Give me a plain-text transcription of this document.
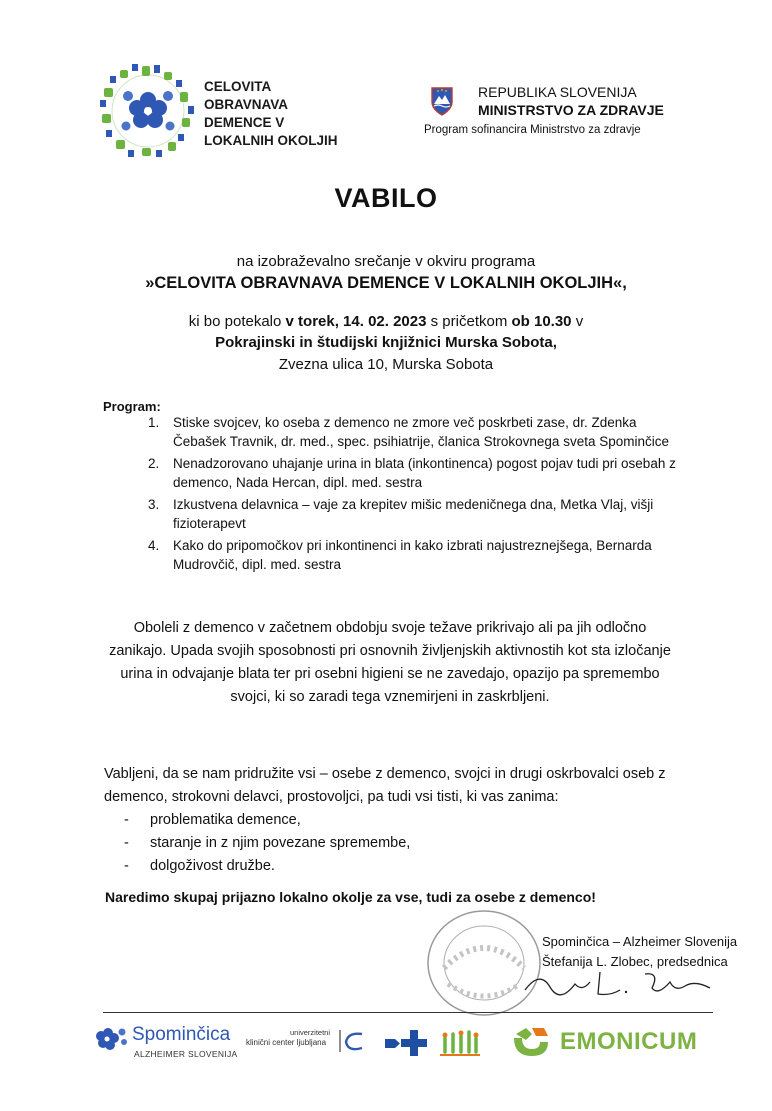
CELOVITA
OBRAVNAVA
DEMENCE V
LOKALNIH OKOLJIH
REPUBLIKA SLOVENIJA
MINISTRSTVO ZA ZDRAVJE
Program sofinancira Ministrstvo za zdravje
VABILO
na izobraževalno srečanje v okviru programa
»CELOVITA OBRAVNAVA DEMENCE V LOKALNIH OKOLJIH«,
ki bo potekalo v torek, 14. 02. 2023 s pričetkom ob 10.30 v
Pokrajinski in študijski knjižnici Murska Sobota,
Zvezna ulica 10, Murska Sobota
Program:
1. Stiske svojcev, ko oseba z demenco ne zmore več poskrbeti zase, dr. Zdenka Čebašek Travnik, dr. med., spec. psihiatrije, članica Strokovnega sveta Spominčice
2. Nenadzorovano uhajanje urina in blata (inkontinenca) pogost pojav tudi pri osebah z demenco, Nada Hercan, dipl. med. sestra
3. Izkustvena delavnica – vaje za krepitev mišic medeničnega dna, Metka Vlaj, višji fizioterapevt
4. Kako do pripomočkov pri inkontinenci in kako izbrati najustreznejšega, Bernarda Mudrovčič, dipl. med. sestra
Oboleli z demenco v začetnem obdobju svoje težave prikrivajo ali pa jih odločno zanikajo. Upada svojih sposobnosti pri osnovnih življenjskih aktivnostih kot sta izločanje urina in odvajanje blata ter pri osebni higieni se ne zavedajo, opazijo pa spremembo svojci, ki so zaradi tega vznemirjeni in zaskrbljeni.
Vabljeni, da se nam pridružite vsi – osebe z demenco, svojci in drugi oskrbovalci oseb z demenco, strokovni delavci, prostovoljci, pa tudi vsi tisti, ki vas zanima:
- problematika demence,
- staranje in z njim povezane spremembe,
- dolgoživost družbe.
Naredimo skupaj prijazno lokalno okolje za vse, tudi za osebe z demenco!
Spominčica – Alzheimer Slovenija
Štefanija L. Zlobec, predsednica
Spominčica
ALZHEIMER SLOVENIJA
univerzitetni
klinični center ljubljana	EMONICUM
